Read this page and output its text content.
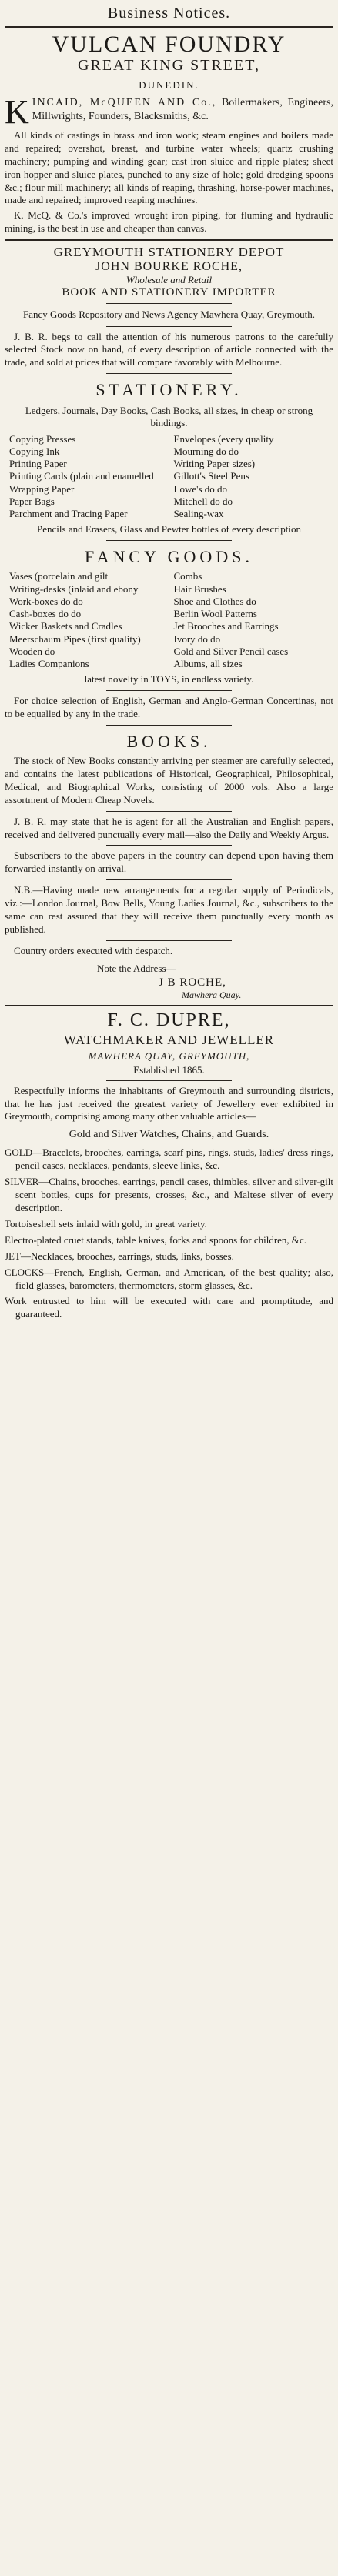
Business Notices.
VULCAN FOUNDRY
GREAT KING STREET,
DUNEDIN.
K INCAID, McQUEEN AND Co., Boilermakers, Engineers, Millwrights, Founders, Blacksmiths, &c.

All kinds of castings in brass and iron work; steam engines and boilers made and repaired; overshot, breast, and turbine water wheels; quartz crushing machinery; pumping and winding gear; cast iron sluice and ripple plates; sheet iron hopper and sluice plates, punched to any size of hole; gold dredging spoons &c.; flour mill machinery; all kinds of reaping, thrashing, horse-power machines, made and repaired; improved reaping machines.

K. McQ. & Co.'s improved wrought iron piping, for fluming and hydraulic mining, is the best in use and cheaper than canvas.

GREYMOUTH STATIONERY DEPOT
JOHN BOURKE ROCHE,
Wholesale and Retail
BOOK AND STATIONERY IMPORTER
Fancy Goods Repository and News Agency Mawhera Quay, Greymouth.

J. B. R. begs to call the attention of his numerous patrons to the carefully selected Stock now on hand, of every description of article connected with the trade, and sold at prices that will compare favorably with Melbourne.

STATIONERY.
Ledgers, Journals, Day Books, Cash Books, all sizes, in cheap or strong bindings.
Copying Presses
Copying Ink
Printing Paper
Printing Cards (plain and enamelled
Wrapping Paper
Paper Bags
Parchment and Tracing Paper
Envelopes (every quality
Mourning do do
Writing Paper sizes)
Gillott's Steel Pens
Lowe's do do
Mitchell do do
Sealing-wax
Pencils and Erasers, Glass and Pewter bottles of every description
FANCY GOODS.
Vases (porcelain and gilt
Writing-desks (inlaid and ebony
Work-boxes do do
Cash-boxes do do
Wicker Baskets and Cradles
Meerschaum Pipes (first quality)
Wooden do
Ladies Companions
Combs
Hair Brushes
Shoe and Clothes do
Berlin Wool Patterns
Jet Brooches and Earrings
Ivory do do
Gold and Silver Pencil cases
Albums, all sizes
latest novelty in TOYS, in endless variety.

For choice selection of English, German and Anglo-German Concertinas, not to be equalled by any in the trade.

BOOKS.

The stock of New Books constantly arriving per steamer are carefully selected, and contains the latest publications of Historical, Geographical, Philosophical, Medical, and Biographical Works, consisting of 2000 vols. Also a large assortment of Modern Cheap Novels.

J. B. R. may state that he is agent for all the Australian and English papers, received and delivered punctually every mail—also the Daily and Weekly Argus.

Subscribers to the above papers in the country can depend upon having them forwarded instantly on arrival.

N.B.—Having made new arrangements for a regular supply of Periodicals, viz.:—London Journal, Bow Bells, Young Ladies Journal, &c., subscribers to the same can rest assured that they will receive them punctually every month as published.

Country orders executed with despatch.

Note the Address—
J B ROCHE,
Mawhera Quay.
F. C. DUPRE,
WATCHMAKER AND JEWELLER
MAWHERA QUAY, GREYMOUTH,
Established 1865.

Respectfully informs the inhabitants of Greymouth and surrounding districts, that he has just received the greatest variety of Jewellery ever exhibited in Greymouth, comprising among many other valuable articles—

Gold and Silver Watches, Chains, and Guards.

GOLD—Bracelets, brooches, earrings, scarf pins, rings, studs, ladies' dress rings, pencil cases, necklaces, pendants, sleeve links, &c.

SILVER—Chains, brooches, earrings, pencil cases, thimbles, silver and silver-gilt scent bottles, cups for presents, crosses, &c., and Maltese silver of every description.

Tortoiseshell sets inlaid with gold, in great variety.

Electro-plated cruet stands, table knives, forks and spoons for children, &c.

JET—Necklaces, brooches, earrings, studs, links, bosses.

CLOCKS—French, English, German, and American, of the best quality; also, field glasses, barometers, thermometers, storm glasses, &c.

Work entrusted to him will be executed with care and promptitude, and guaranteed.
